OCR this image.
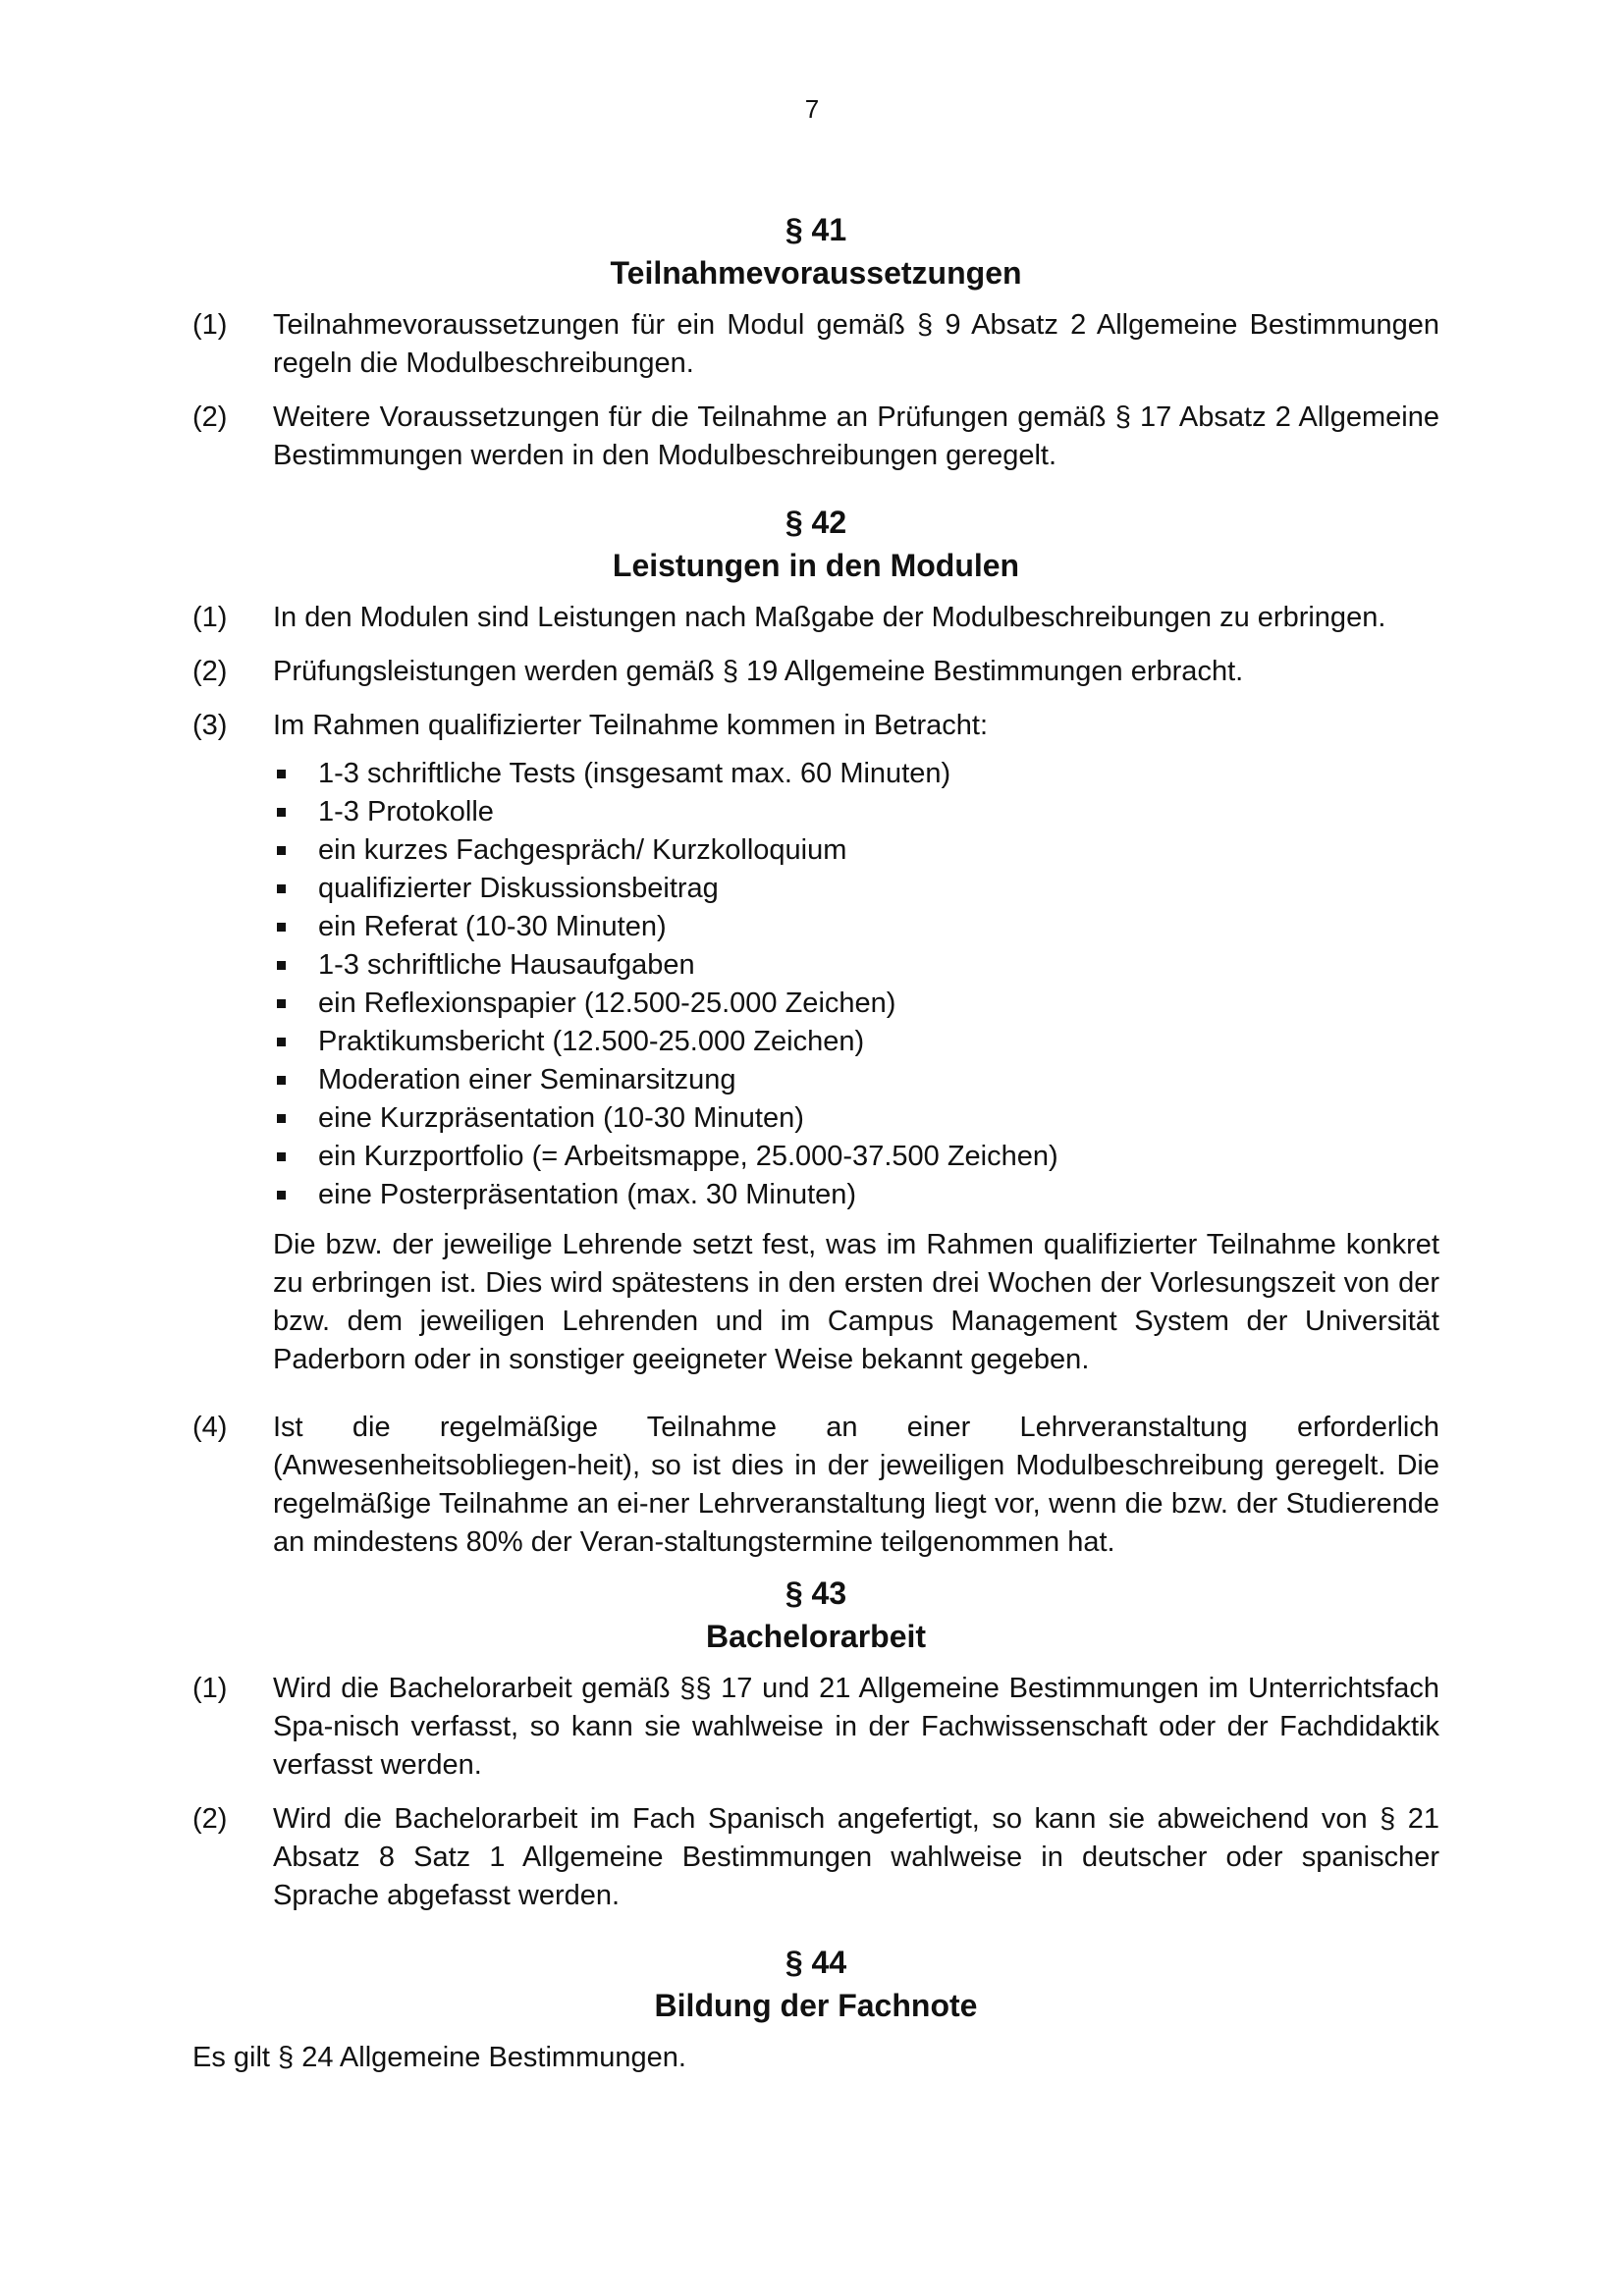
7
§ 41
Teilnahmevoraussetzungen
(1)	Teilnahmevoraussetzungen für ein Modul gemäß § 9 Absatz 2 Allgemeine Bestimmungen regeln die Modulbeschreibungen.
(2)	Weitere Voraussetzungen für die Teilnahme an Prüfungen gemäß § 17 Absatz 2 Allgemeine Bestimmungen werden in den Modulbeschreibungen geregelt.
§ 42
Leistungen in den Modulen
(1)	In den Modulen sind Leistungen nach Maßgabe der Modulbeschreibungen zu erbringen.
(2)	Prüfungsleistungen werden gemäß § 19 Allgemeine Bestimmungen erbracht.
(3)	Im Rahmen qualifizierter Teilnahme kommen in Betracht:
1-3 schriftliche Tests (insgesamt max. 60 Minuten)
1-3 Protokolle
ein kurzes Fachgespräch/ Kurzkolloquium
qualifizierter Diskussionsbeitrag
ein Referat (10-30 Minuten)
1-3 schriftliche Hausaufgaben
ein Reflexionspapier (12.500-25.000 Zeichen)
Praktikumsbericht (12.500-25.000 Zeichen)
Moderation einer Seminarsitzung
eine Kurzpräsentation (10-30 Minuten)
ein Kurzportfolio (= Arbeitsmappe, 25.000-37.500 Zeichen)
eine Posterpräsentation (max. 30 Minuten)

Die bzw. der jeweilige Lehrende setzt fest, was im Rahmen qualifizierter Teilnahme konkret zu erbringen ist. Dies wird spätestens in den ersten drei Wochen der Vorlesungszeit von der bzw. dem jeweiligen Lehrenden und im Campus Management System der Universität Paderborn oder in sonstiger geeigneter Weise bekannt gegeben.

(4)	Ist die regelmäßige Teilnahme an einer Lehrveranstaltung erforderlich (Anwesenheitsobliegen-heit), so ist dies in der jeweiligen Modulbeschreibung geregelt. Die regelmäßige Teilnahme an ei-ner Lehrveranstaltung liegt vor, wenn die bzw. der Studierende an mindestens 80% der Veran-staltungstermine teilgenommen hat.
§ 43
Bachelorarbeit
(1)	Wird die Bachelorarbeit gemäß §§ 17 und 21 Allgemeine Bestimmungen im Unterrichtsfach Spa-nisch verfasst, so kann sie wahlweise in der Fachwissenschaft oder der Fachdidaktik verfasst werden.
(2)	Wird die Bachelorarbeit im Fach Spanisch angefertigt, so kann sie abweichend von § 21 Absatz 8 Satz 1 Allgemeine Bestimmungen wahlweise in deutscher oder spanischer Sprache abgefasst werden.
§ 44
Bildung der Fachnote

Es gilt § 24 Allgemeine Bestimmungen.
